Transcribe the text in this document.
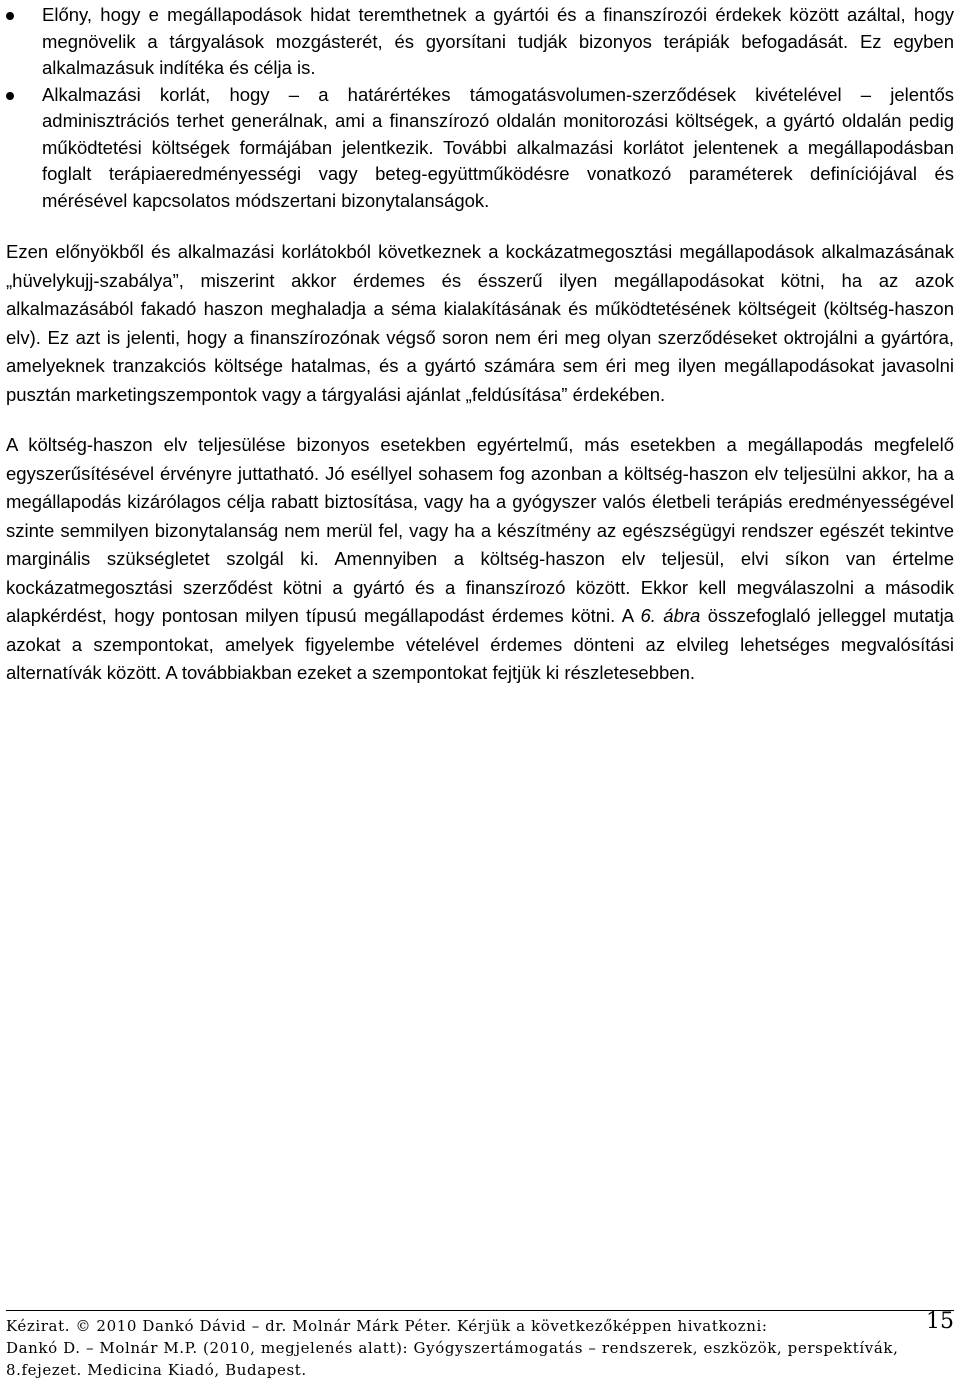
Előny, hogy e megállapodások hidat teremthetnek a gyártói és a finanszírozói érdekek között azáltal, hogy megnövelik a tárgyalások mozgásterét, és gyorsítani tudják bizonyos terápiák befogadását. Ez egyben alkalmazásuk indítéka és célja is.
Alkalmazási korlát, hogy – a határértékes támogatásvolumen-szerződések kivételével – jelentős adminisztrációs terhet generálnak, ami a finanszírozó oldalán monitorozási költségek, a gyártó oldalán pedig működtetési költségek formájában jelentkezik. További alkalmazási korlátot jelentenek a megállapodásban foglalt terápiaeredményességi vagy beteg-együttműködésre vonatkozó paraméterek definíciójával és mérésével kapcsolatos módszertani bizonytalanságok.

Ezen előnyökből és alkalmazási korlátokból következnek a kockázatmegosztási megállapodások alkalmazásának „hüvelykujj-szabálya”, miszerint akkor érdemes és ésszerű ilyen megállapodásokat kötni, ha az azok alkalmazásából fakadó haszon meghaladja a séma kialakításának és működtetésének költségeit (költség-haszon elv). Ez azt is jelenti, hogy a finanszírozónak végső soron nem éri meg olyan szerződéseket oktrojálni a gyártóra, amelyeknek tranzakciós költsége hatalmas, és a gyártó számára sem éri meg ilyen megállapodásokat javasolni pusztán marketingszempontok vagy a tárgyalási ajánlat „feldúsítása” érdekében.

A költség-haszon elv teljesülése bizonyos esetekben egyértelmű, más esetekben a megállapodás megfelelő egyszerűsítésével érvényre juttatható. Jó eséllyel sohasem fog azonban a költség-haszon elv teljesülni akkor, ha a megállapodás kizárólagos célja rabatt biztosítása, vagy ha a gyógyszer valós életbeli terápiás eredményességével szinte semmilyen bizonytalanság nem merül fel, vagy ha a készítmény az egészségügyi rendszer egészét tekintve marginális szükségletet szolgál ki. Amennyiben a költség-haszon elv teljesül, elvi síkon van értelme kockázatmegosztási szerződést kötni a gyártó és a finanszírozó között. Ekkor kell megválaszolni a második alapkérdést, hogy pontosan milyen típusú megállapodást érdemes kötni. A 6. ábra összefoglaló jelleggel mutatja azokat a szempontokat, amelyek figyelembe vételével érdemes dönteni az elvileg lehetséges megvalósítási alternatívák között. A továbbiakban ezeket a szempontokat fejtjük ki részletesebben.

Kézirat. © 2010 Dankó Dávid – dr. Molnár Márk Péter. Kérjük a következőképpen hivatkozni:
Dankó D. – Molnár M.P. (2010, megjelenés alatt): Gyógyszertámogatás – rendszerek, eszközök, perspektívák,
8.fejezet. Medicina Kiadó, Budapest.
15
